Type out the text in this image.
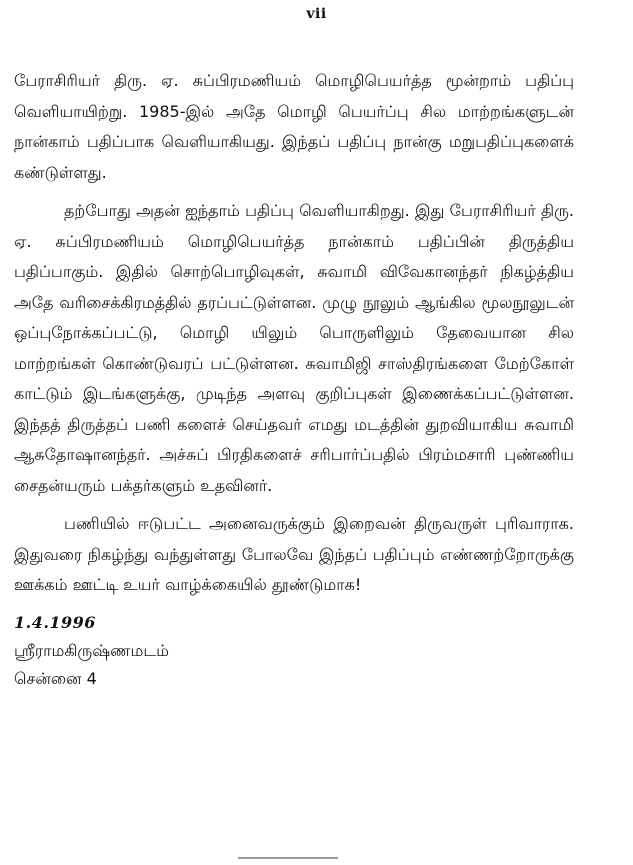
vii

பேராசிரியர் திரு. ஏ. சுப்பிரமணியம் மொழிபெயர்த்த மூன்றாம் பதிப்பு வெளியாயிற்று. 1985-இல் அதே மொழி பெயர்ப்பு சில மாற்றங்களுடன் நான்காம் பதிப்பாக வெளியாகியது. இந்தப் பதிப்பு நான்கு மறுபதிப்புகளைக் கண்டுள்ளது.

தற்போது அதன் ஐந்தாம் பதிப்பு வெளியாகிறது. இது பேராசிரியர் திரு. ஏ. சுப்பிரமணியம் மொழிபெயர்த்த நான்காம் பதிப்பின் திருத்திய பதிப்பாகும். இதில் சொற்பொழிவுகள், சுவாமி விவேகானந்தர் நிகழ்த்திய அதே வரிசைக்கிரமத்தில் தரப்பட்டுள்ளன. முழு நூலும் ஆங்கில மூலநூலுடன் ஒப்புநோக்கப்பட்டு, மொழி யிலும் பொருளிலும் தேவையான சில மாற்றங்கள் கொண்டுவரப் பட்டுள்ளன. சுவாமிஜி சாஸ்திரங்களை மேற்கோள் காட்டும் இடங்களுக்கு, முடிந்த அளவு குறிப்புகள் இணைக்கப்பட்டுள்ளன. இந்தத் திருத்தப் பணி களைச் செய்தவர் எமது மடத்தின் துறவியாகிய சுவாமி ஆசுதோஷானந்தர். அச்சுப் பிரதிகளைச் சரிபார்ப்பதில் பிரம்மசாரி புண்ணிய சைதன்யரும் பக்தர்களும் உதவினர்.

பணியில் ஈடுபட்ட அனைவருக்கும் இறைவன் திருவருள் புரிவாராக. இதுவரை நிகழ்ந்து வந்துள்ளது போலவே இந்தப் பதிப்பும் எண்ணற்றோருக்கு ஊக்கம் ஊட்டி உயர் வாழ்க்கையில் தூண்டுமாக!

1.4.1996
ஸ்ரீராமகிருஷ்ணமடம்
சென்னை 4
